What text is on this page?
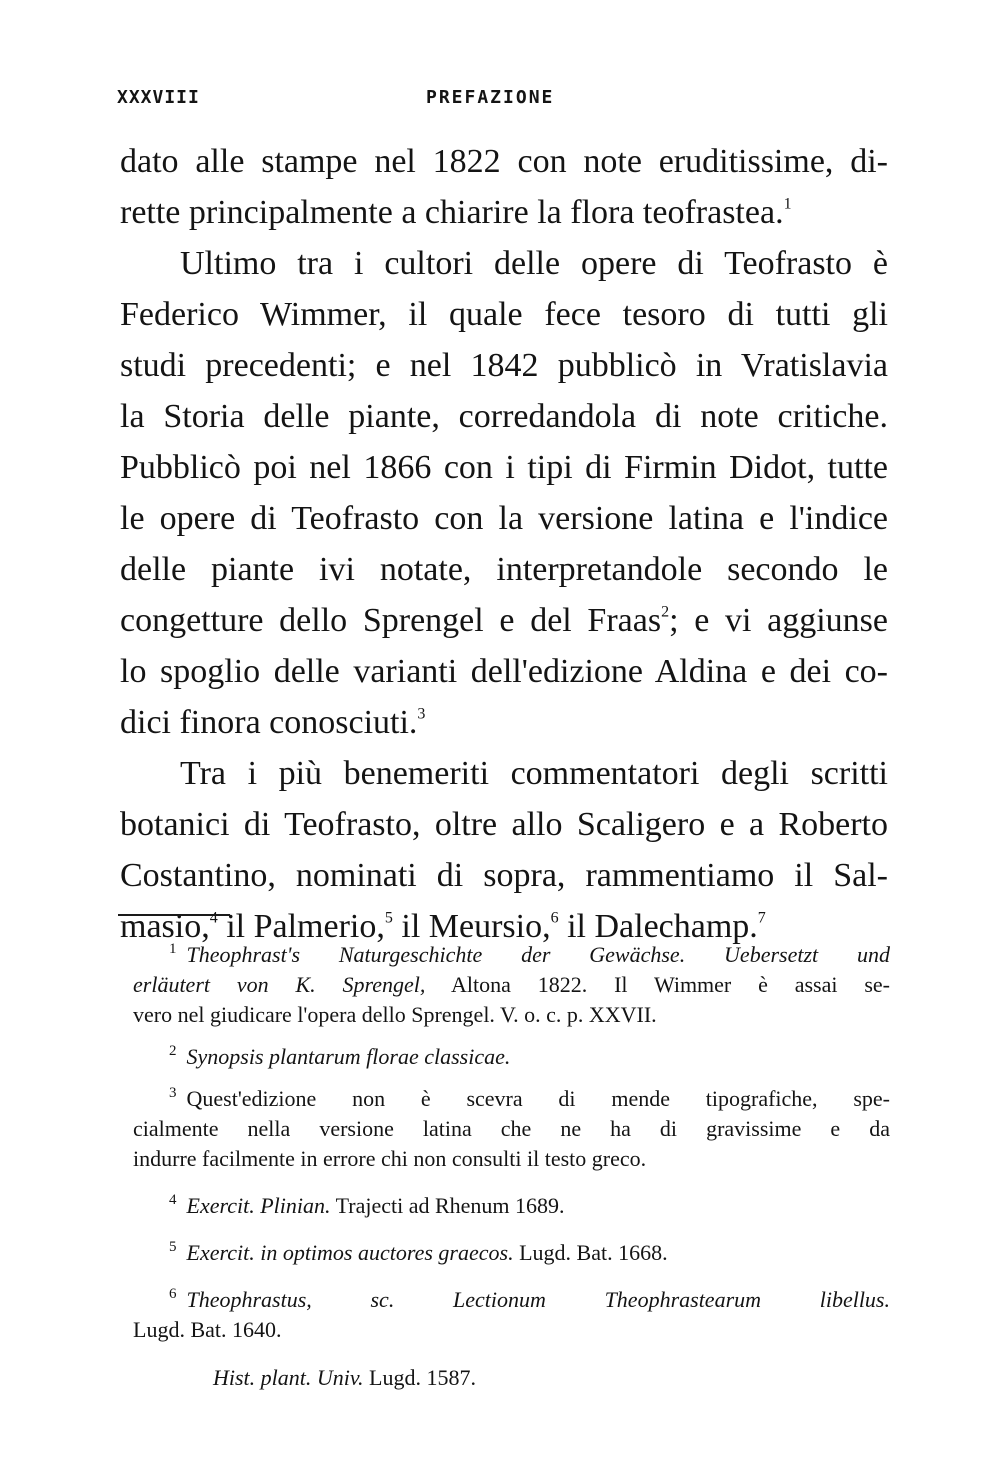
XXXVIII	PREFAZIONE
dato alle stampe nel 1822 con note eruditissime, di-
rette principalmente a chiarire la flora teofrastea.$^1$
Ultimo tra i cultori delle opere di Teofrasto è
Federico Wimmer, il quale fece tesoro di tutti gli
studi precedenti; e nel 1842 pubblicò in Vratislavia
la Storia delle piante, corredandola di note critiche.
Pubblicò poi nel 1866 con i tipi di Firmin Didot, tutte
le opere di Teofrasto con la versione latina e l'indice
delle piante ivi notate, interpretandole secondo le
congetture dello Sprengel e del Fraas$^2$; e vi aggiunse
lo spoglio delle varianti dell'edizione Aldina e dei co-
dici finora conosciuti.$^3$
Tra i più benemeriti commentatori degli scritti
botanici di Teofrasto, oltre allo Scaligero e a Roberto
Costantino, nominati di sopra, rammentiamo il Sal-
masio,$^4$ il Palmerio,$^5$ il Meursio,$^6$ il Dalechamp.$^7$
$^1$ Theophrast's Naturgeschichte der Gewächse. Uebersetzt und
erläutert von K. Sprengel, Altona 1822. Il Wimmer è assai se-
vero nel giudicare l'opera dello Sprengel. V. o. c. p. XXVII.
$^2$ Synopsis plantarum florae classicae.
$^3$ Quest'edizione non è scevra di mende tipografiche, spe-
cialmente nella versione latina che ne ha di gravissime e da
indurre facilmente in errore chi non consulti il testo greco.
$^4$ Exercit. Plinian. Trajecti ad Rhenum 1689.
$^5$ Exercit. in optimos auctores graecos. Lugd. Bat. 1668.
$^6$ Theophrastus, sc. Lectionum Theophrastearum libellus.
Lugd. Bat. 1640.
Hist. plant. Univ. Lugd. 1587.
